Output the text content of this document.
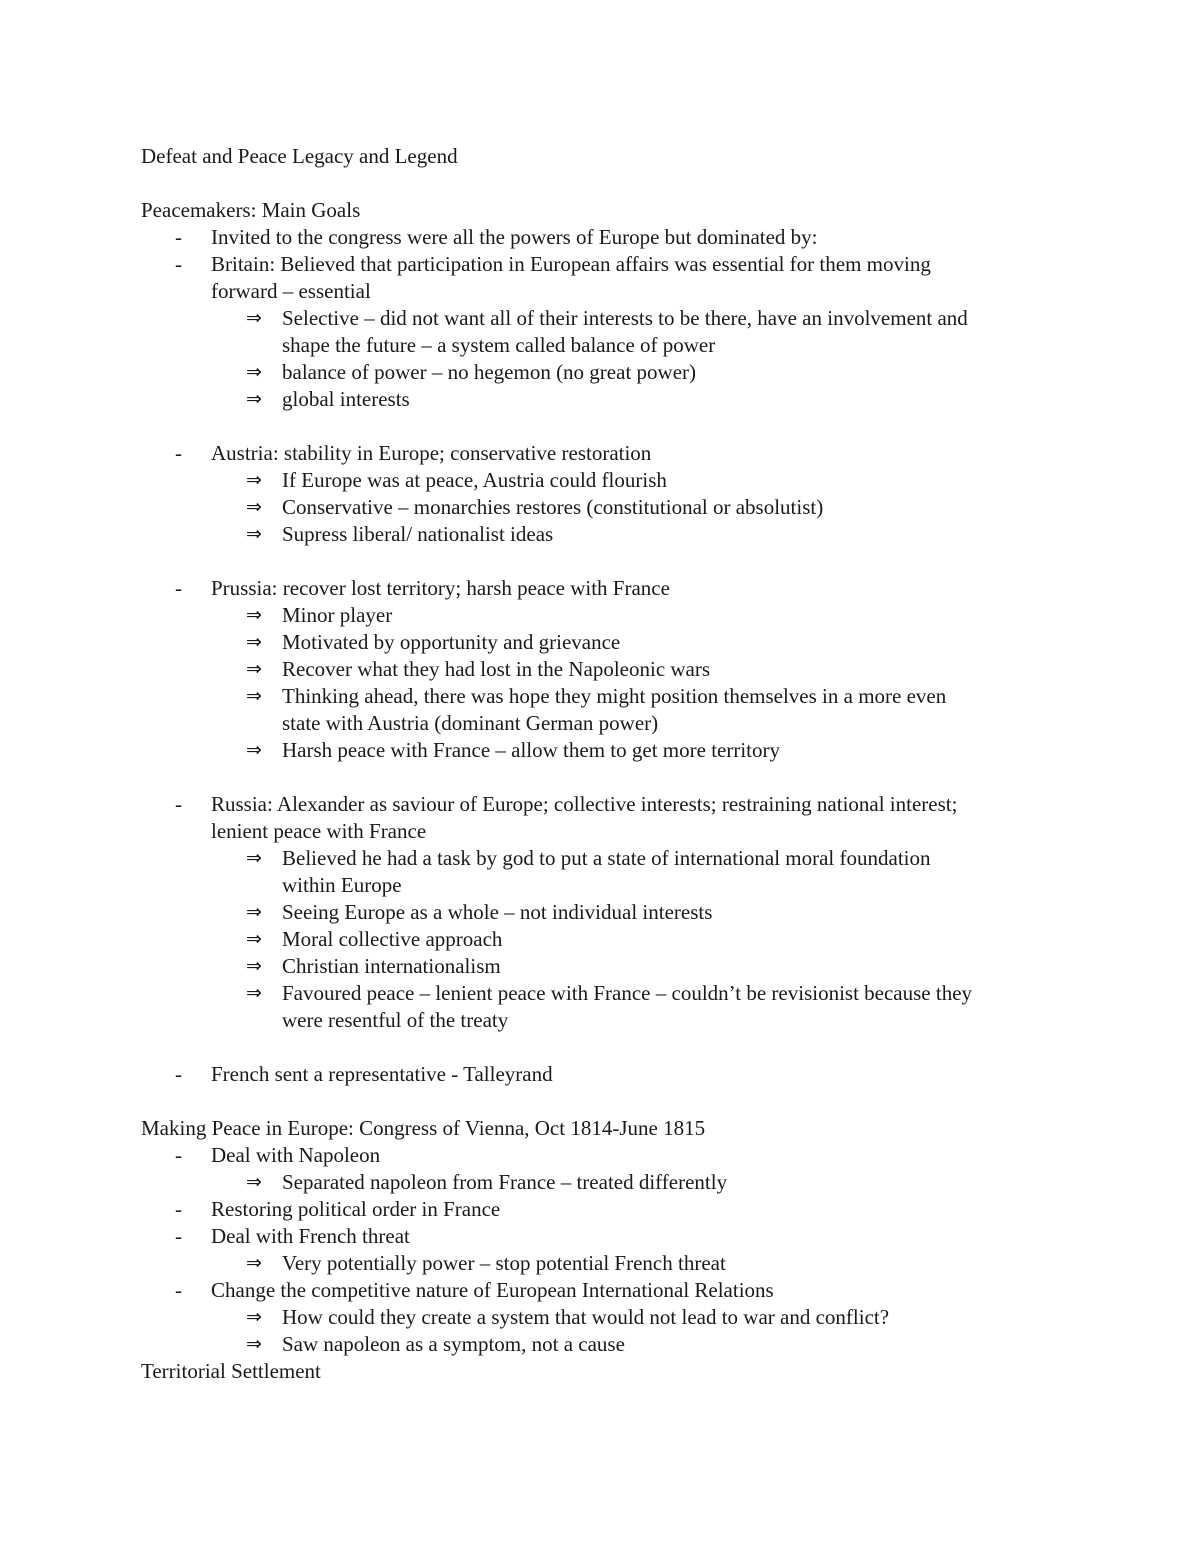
Defeat and Peace Legacy and Legend
Peacemakers: Main Goals
- Invited to the congress were all the powers of Europe but dominated by:
- Britain: Believed that participation in European affairs was essential for them moving
forward – essential
⇒ Selective – did not want all of their interests to be there, have an involvement and
shape the future – a system called balance of power
⇒ balance of power – no hegemon (no great power)
⇒ global interests
- Austria: stability in Europe; conservative restoration
⇒ If Europe was at peace, Austria could flourish
⇒ Conservative – monarchies restores (constitutional or absolutist)
⇒ Supress liberal/ nationalist ideas
- Prussia: recover lost territory; harsh peace with France
⇒ Minor player
⇒ Motivated by opportunity and grievance
⇒ Recover what they had lost in the Napoleonic wars
⇒ Thinking ahead, there was hope they might position themselves in a more even
state with Austria (dominant German power)
⇒ Harsh peace with France – allow them to get more territory
- Russia: Alexander as saviour of Europe; collective interests; restraining national interest;
lenient peace with France
⇒ Believed he had a task by god to put a state of international moral foundation
within Europe
⇒ Seeing Europe as a whole – not individual interests
⇒ Moral collective approach
⇒ Christian internationalism
⇒ Favoured peace – lenient peace with France – couldn’t be revisionist because they
were resentful of the treaty
- French sent a representative - Talleyrand
Making Peace in Europe: Congress of Vienna, Oct 1814-June 1815
- Deal with Napoleon
⇒ Separated napoleon from France – treated differently
- Restoring political order in France
- Deal with French threat
⇒ Very potentially power – stop potential French threat
- Change the competitive nature of European International Relations
⇒ How could they create a system that would not lead to war and conflict?
⇒ Saw napoleon as a symptom, not a cause
Territorial Settlement
